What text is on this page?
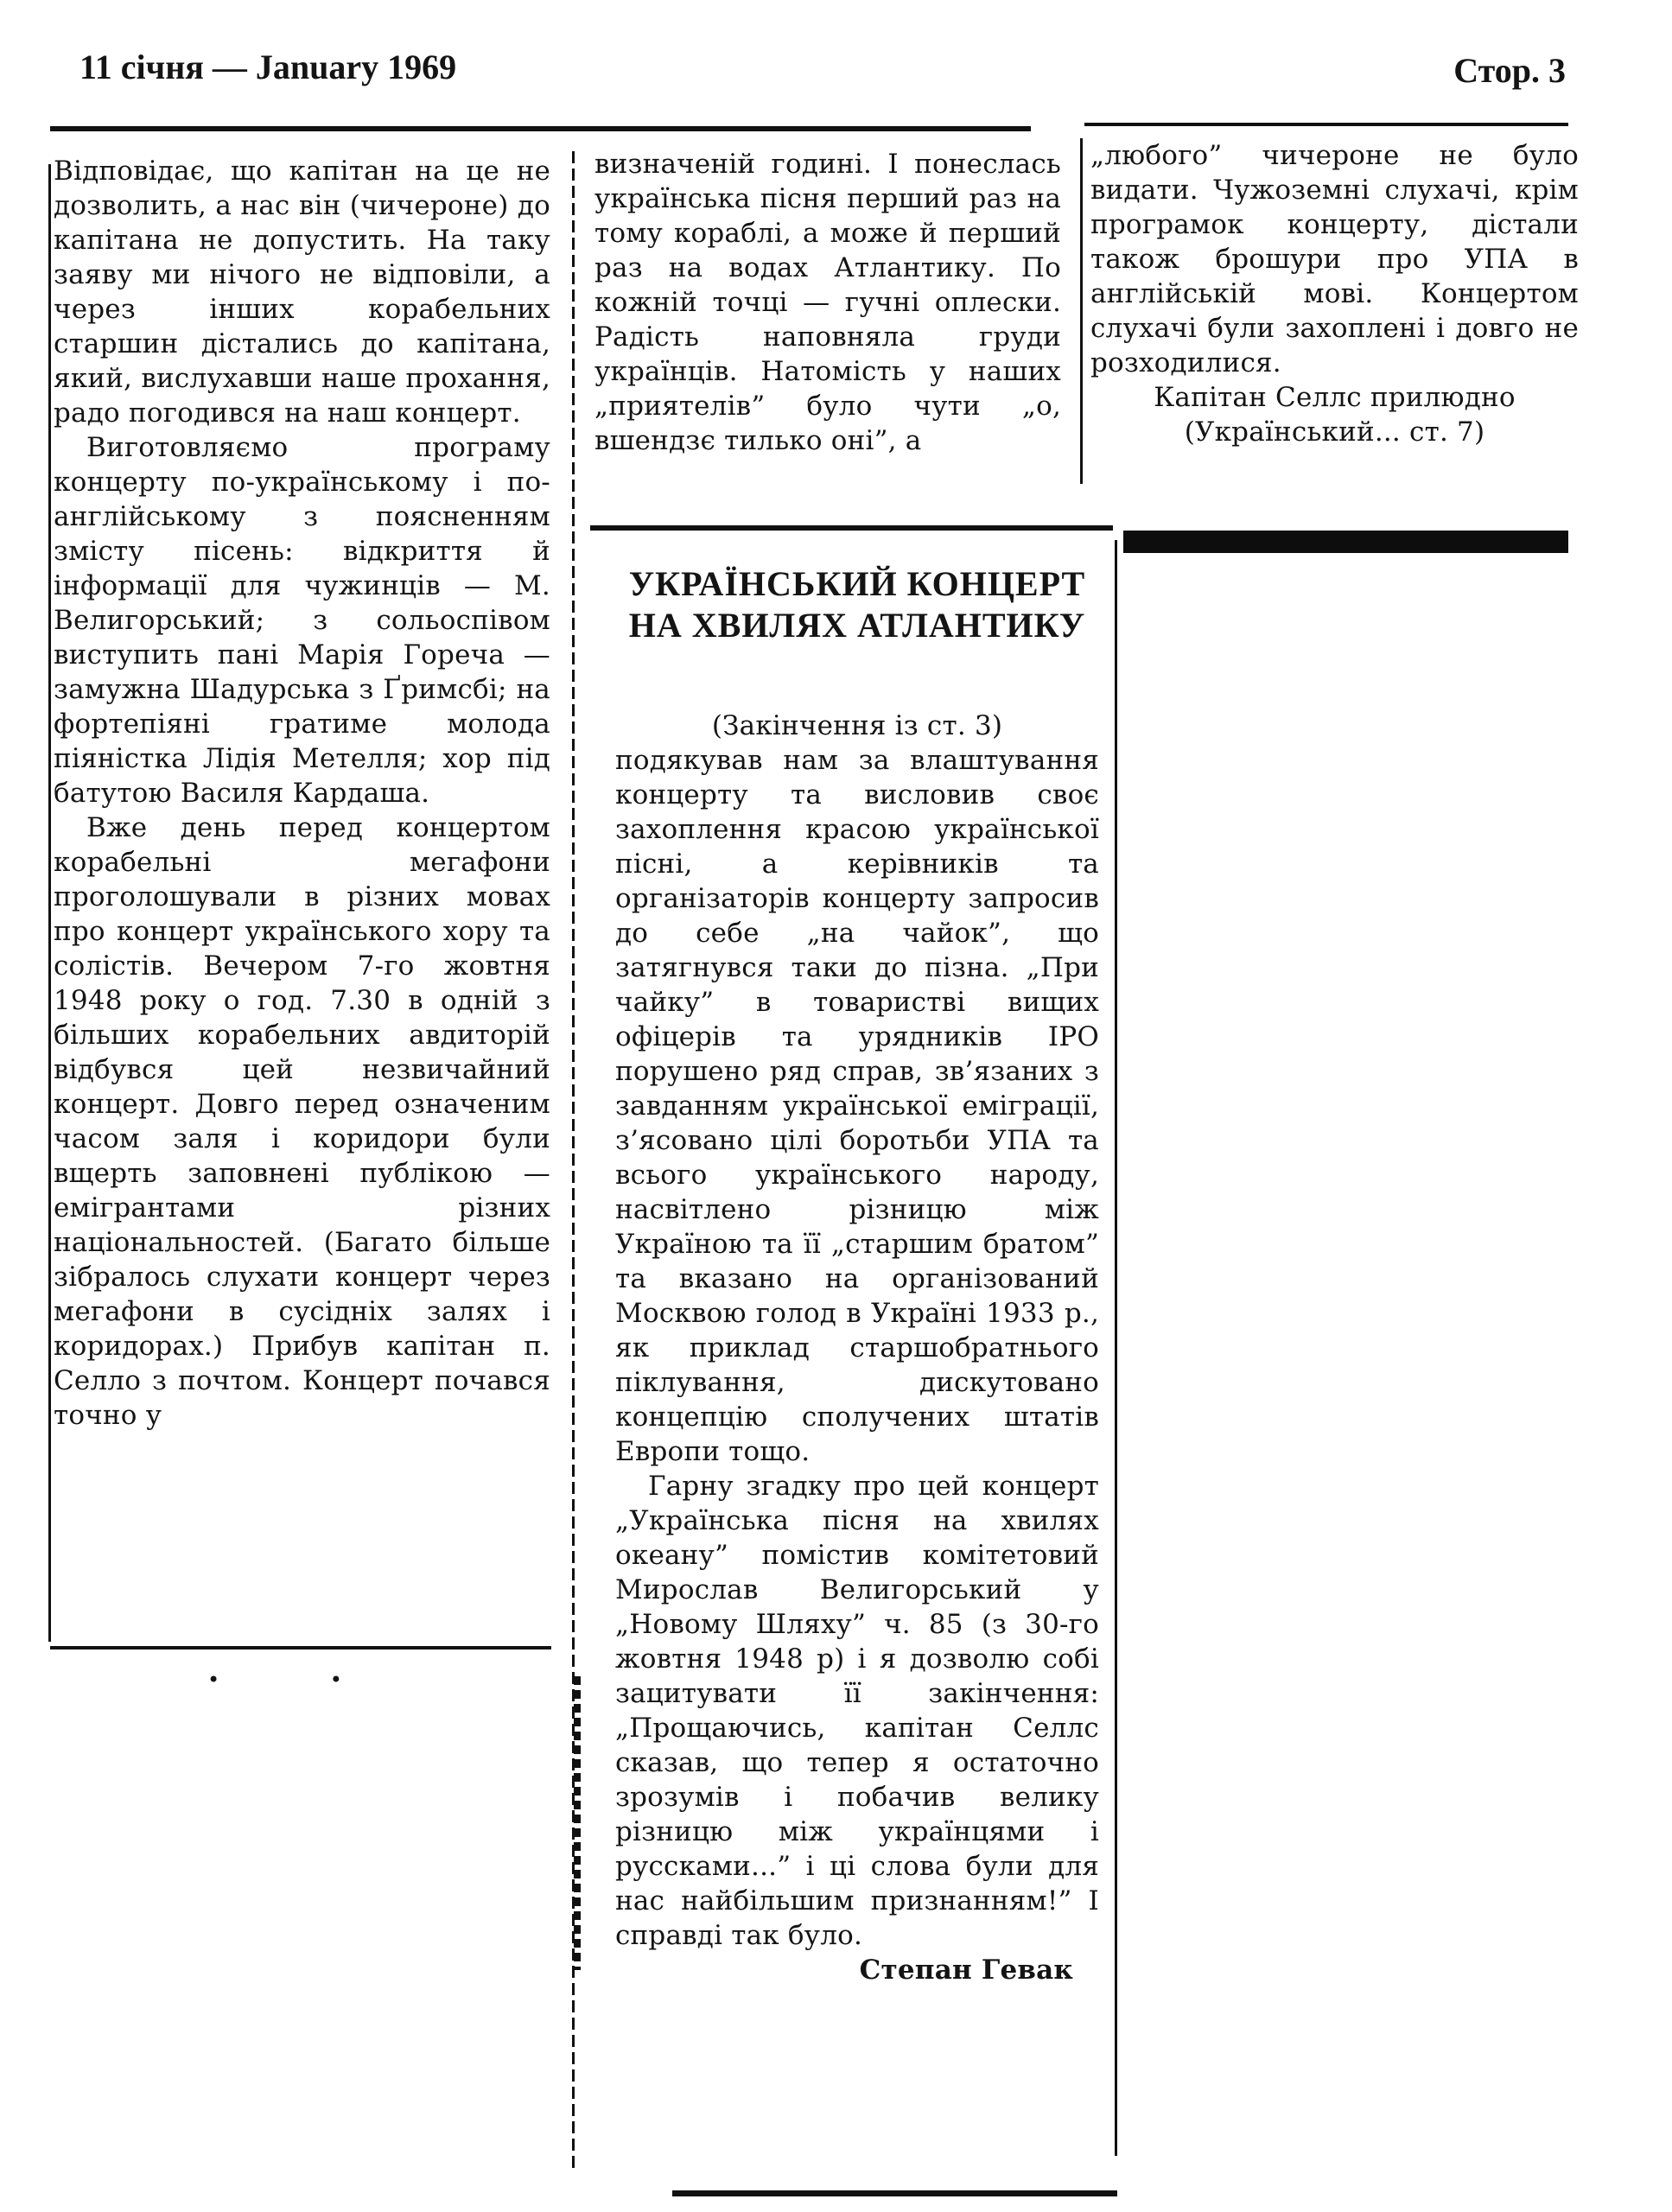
11 січня — January 1969	Стор. 3

Відповідає, що капітан на це не дозволить, а нас він (чичероне) до капітана не допустить. На таку заяву ми нічого не відповіли, а через інших корабельних старшин дістались до капітана, який, вислухавши наше прохання, радо погодився на наш концерт.

Виготовляємо програму концерту по-українському і по-англійському з поясненням змісту пісень: відкриття й інформації для чужинців — М. Велигорський; з сольоспівом виступить пані Марія Гореча — замужна Шадурська з Ґримсбі; на фортепіяні гратиме молода піяністка Лідія Метелля; хор під батутою Василя Кардаша.

Вже день перед концертом корабельні мегафони проголошували в різних мовах про концерт українського хору та солістів. Вечером 7-го жовтня 1948 року о год. 7.30 в одній з більших корабельних авдиторій відбувся цей незвичайний концерт. Довго перед означеним часом заля і коридори були вщерть заповнені публікою — емігрантами різних національностей. (Багато більше зібралось слухати концерт через мегафони в сусідніх залях і коридорах.) Прибув капітан п. Селло з почтом. Концерт почався точно у

• •

визначеній годині. І понеслась українська пісня перший раз на тому кораблі, а може й перший раз на водах Атлантику. По кожній точці — гучні оплески. Радість наповняла груди українців. Натомість у наших „приятелів” було чути „о, вшендзє тилько оні”, а

„любого” чичероне не було видати. Чужоземні слухачі, крім програмок концерту, дістали також брошури про УПА в англійській мові. Концертом слухачі були захоплені і довго не розходилися.

Капітан Селлс прилюдно

(Український... ст. 7)

УКРАЇНСЬКИЙ КОНЦЕРТ НА ХВИЛЯХ АТЛАНТИКУ

(Закінчення із ст. 3)

подякував нам за влаштування концерту та висловив своє захоплення красою української пісні, а керівників та організаторів концерту запросив до себе „на чайок”, що затягнувся таки до пізна. „При чайку” в товаристві вищих офіцерів та урядників ІРО порушено ряд справ, зв’язаних з завданням української еміграції, з’ясовано цілі боротьби УПА та всього українського народу, насвітлено різницю між Україною та її „старшим братом” та вказано на організований Москвою голод в Україні 1933 р., як приклад старшобратнього піклування, дискутовано концепцію сполучених штатів Европи тощо.

Гарну згадку про цей концерт „Українська пісня на хвилях океану” помістив комітетовий Мирослав Велигорський у „Новому Шляху” ч. 85 (з 30-го жовтня 1948 р) і я дозволю собі зацитувати її закінчення: „Прощаючись, капітан Селлс сказав, що тепер я остаточно зрозумів і побачив велику різницю між українцями і руссками...” і ці слова були для нас найбільшим признанням!” І справді так було.

Степан Гевак
